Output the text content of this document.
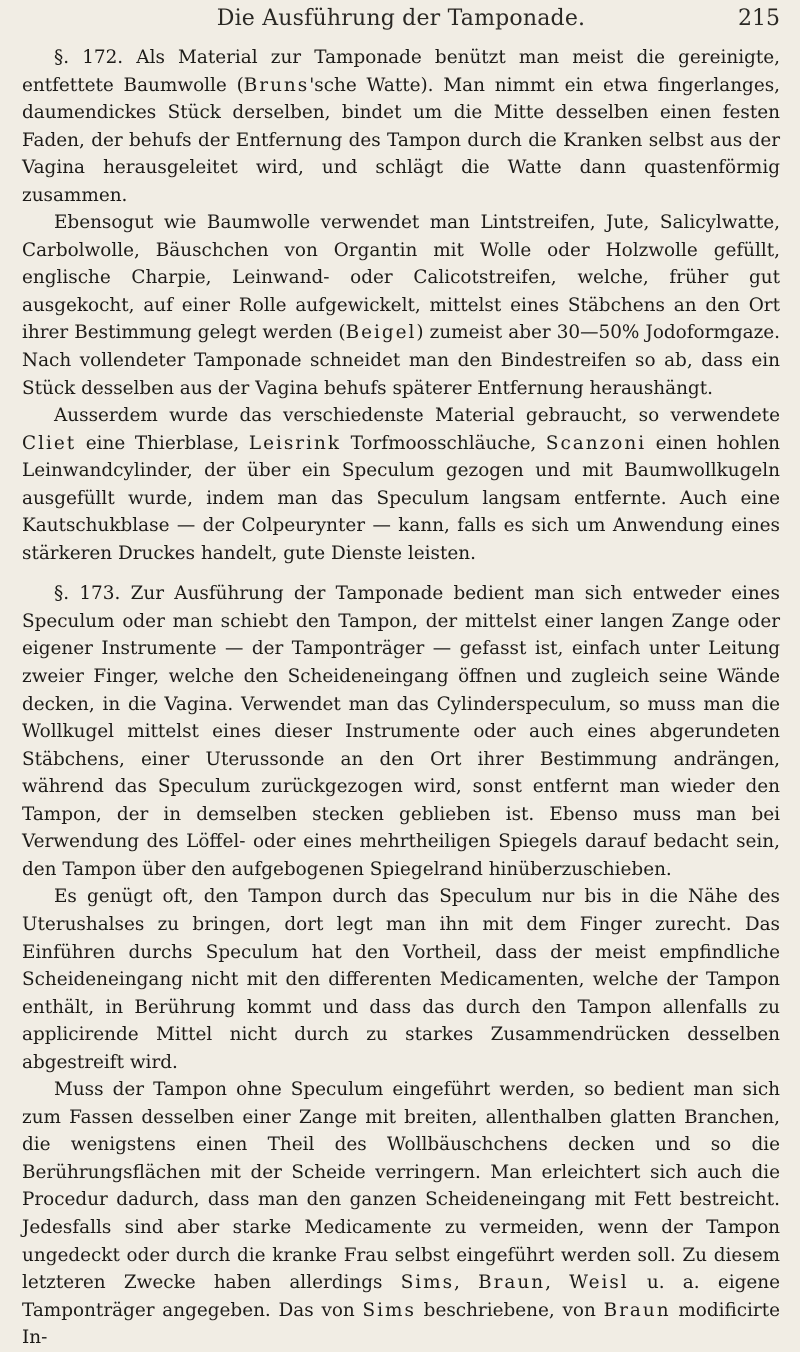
Die Ausführung der Tamponade.	215

§. 172. Als Material zur Tamponade benützt man meist die gereinigte, entfettete Baumwolle (Bruns'sche Watte). Man nimmt ein etwa fingerlanges, daumendickes Stück derselben, bindet um die Mitte desselben einen festen Faden, der behufs der Entfernung des Tampon durch die Kranken selbst aus der Vagina herausgeleitet wird, und schlägt die Watte dann quastenförmig zusammen.

Ebensogut wie Baumwolle verwendet man Lintstreifen, Jute, Salicylwatte, Carbolwolle, Bäuschchen von Organtin mit Wolle oder Holzwolle gefüllt, englische Charpie, Leinwand- oder Calicotstreifen, welche, früher gut ausgekocht, auf einer Rolle aufgewickelt, mittelst eines Stäbchens an den Ort ihrer Bestimmung gelegt werden (Beigel) zumeist aber 30—50% Jodoformgaze. Nach vollendeter Tamponade schneidet man den Bindestreifen so ab, dass ein Stück desselben aus der Vagina behufs späterer Entfernung heraushängt.

Ausserdem wurde das verschiedenste Material gebraucht, so verwendete Cliet eine Thierblase, Leisrink Torfmoosschläuche, Scanzoni einen hohlen Leinwandcylinder, der über ein Speculum gezogen und mit Baumwollkugeln ausgefüllt wurde, indem man das Speculum langsam entfernte. Auch eine Kautschukblase — der Colpeurynter — kann, falls es sich um Anwendung eines stärkeren Druckes handelt, gute Dienste leisten.

§. 173. Zur Ausführung der Tamponade bedient man sich entweder eines Speculum oder man schiebt den Tampon, der mittelst einer langen Zange oder eigener Instrumente — der Tamponträger — gefasst ist, einfach unter Leitung zweier Finger, welche den Scheideneingang öffnen und zugleich seine Wände decken, in die Vagina. Verwendet man das Cylinderspeculum, so muss man die Wollkugel mittelst eines dieser Instrumente oder auch eines abgerundeten Stäbchens, einer Uterussonde an den Ort ihrer Bestimmung andrängen, während das Speculum zurückgezogen wird, sonst entfernt man wieder den Tampon, der in demselben stecken geblieben ist. Ebenso muss man bei Verwendung des Löffel- oder eines mehrtheiligen Spiegels darauf bedacht sein, den Tampon über den aufgebogenen Spiegelrand hinüberzuschieben.

Es genügt oft, den Tampon durch das Speculum nur bis in die Nähe des Uterushalses zu bringen, dort legt man ihn mit dem Finger zurecht. Das Einführen durchs Speculum hat den Vortheil, dass der meist empfindliche Scheideneingang nicht mit den differenten Medicamenten, welche der Tampon enthält, in Berührung kommt und dass das durch den Tampon allenfalls zu applicirende Mittel nicht durch zu starkes Zusammendrücken desselben abgestreift wird.

Muss der Tampon ohne Speculum eingeführt werden, so bedient man sich zum Fassen desselben einer Zange mit breiten, allenthalben glatten Branchen, die wenigstens einen Theil des Wollbäuschchens decken und so die Berührungsflächen mit der Scheide verringern. Man erleichtert sich auch die Procedur dadurch, dass man den ganzen Scheideneingang mit Fett bestreicht. Jedesfalls sind aber starke Medicamente zu vermeiden, wenn der Tampon ungedeckt oder durch die kranke Frau selbst eingeführt werden soll. Zu diesem letzteren Zwecke haben allerdings Sims, Braun, Weisl u. a. eigene Tamponträger angegeben. Das von Sims beschriebene, von Braun modificirte In-
